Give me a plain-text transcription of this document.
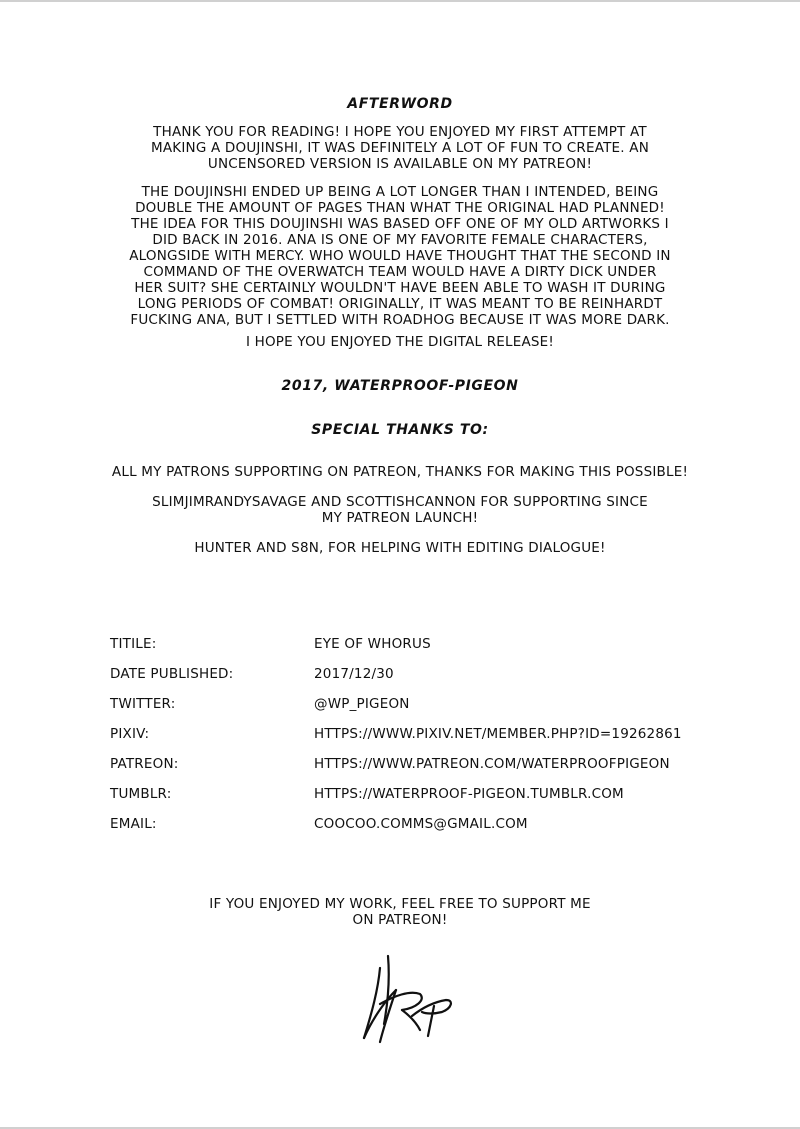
AFTERWORD
THANK YOU FOR READING! I HOPE YOU ENJOYED MY FIRST ATTEMPT AT MAKING A DOUJINSHI, IT WAS DEFINITELY A LOT OF FUN TO CREATE. AN UNCENSORED VERSION IS AVAILABLE ON MY PATREON!
THE DOUJINSHI ENDED UP BEING A LOT LONGER THAN I INTENDED, BEING DOUBLE THE AMOUNT OF PAGES THAN WHAT THE ORIGINAL HAD PLANNED! THE IDEA FOR THIS DOUJINSHI WAS BASED OFF ONE OF MY OLD ARTWORKS I DID BACK IN 2016. ANA IS ONE OF MY FAVORITE FEMALE CHARACTERS, ALONGSIDE WITH MERCY. WHO WOULD HAVE THOUGHT THAT THE SECOND IN COMMAND OF THE OVERWATCH TEAM WOULD HAVE A DIRTY DICK UNDER HER SUIT? SHE CERTAINLY WOULDN'T HAVE BEEN ABLE TO WASH IT DURING LONG PERIODS OF COMBAT! ORIGINALLY, IT WAS MEANT TO BE REINHARDT FUCKING ANA, BUT I SETTLED WITH ROADHOG BECAUSE IT WAS MORE DARK.
I HOPE YOU ENJOYED THE DIGITAL RELEASE!
2017, WATERPROOF-PIGEON
SPECIAL THANKS TO:
ALL MY PATRONS SUPPORTING ON PATREON, THANKS FOR MAKING THIS POSSIBLE!
SLIMJIMRANDYSAVAGE AND SCOTTISHCANNON FOR SUPPORTING SINCE MY PATREON LAUNCH!
HUNTER AND S8N, FOR HELPING WITH EDITING DIALOGUE!
TITILE:	EYE OF WHORUS
DATE PUBLISHED:	2017/12/30
TWITTER:	@WP_PIGEON
PIXIV:	HTTPS://WWW.PIXIV.NET/MEMBER.PHP?ID=19262861
PATREON:	HTTPS://WWW.PATREON.COM/WATERPROOFPIGEON
TUMBLR:	HTTPS://WATERPROOF-PIGEON.TUMBLR.COM
EMAIL:	COOCOO.COMMS@GMAIL.COM
IF YOU ENJOYED MY WORK, FEEL FREE TO SUPPORT ME ON PATREON!
